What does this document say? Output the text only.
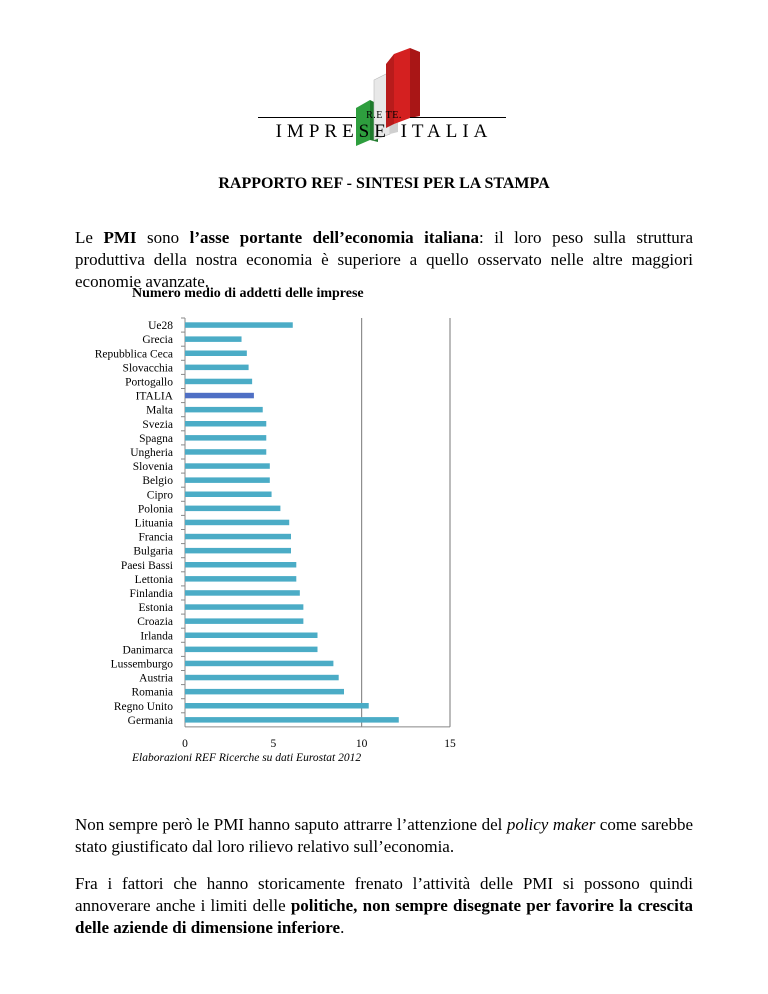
R.E TE.
IMPRESE ITALIA
RAPPORTO REF - SINTESI PER LA STAMPA
Le PMI sono l’asse portante dell’economia italiana: il loro peso sulla struttura produttiva della nostra economia è superiore a quello osservato nelle altre maggiori economie avanzate.
Numero medio di addetti delle imprese
Ue28
Grecia
Repubblica Ceca
Slovacchia
Portogallo
ITALIA
Malta
Svezia
Spagna
Ungheria
Slovenia
Belgio
Cipro
Polonia
Lituania
Francia
Bulgaria
Paesi Bassi
Lettonia
Finlandia
Estonia
Croazia
Irlanda
Danimarca
Lussemburgo
Austria
Romania
Regno Unito
Germania
0	5	10	15
Elaborazioni REF Ricerche su dati Eurostat 2012
Non sempre però le PMI hanno saputo attrarre l’attenzione del policy maker come sarebbe stato giustificato dal loro rilievo relativo sull’economia.
Fra i fattori che hanno storicamente frenato l’attività delle PMI si possono quindi annoverare anche i limiti delle politiche, non sempre disegnate per favorire la crescita delle aziende di dimensione inferiore.
